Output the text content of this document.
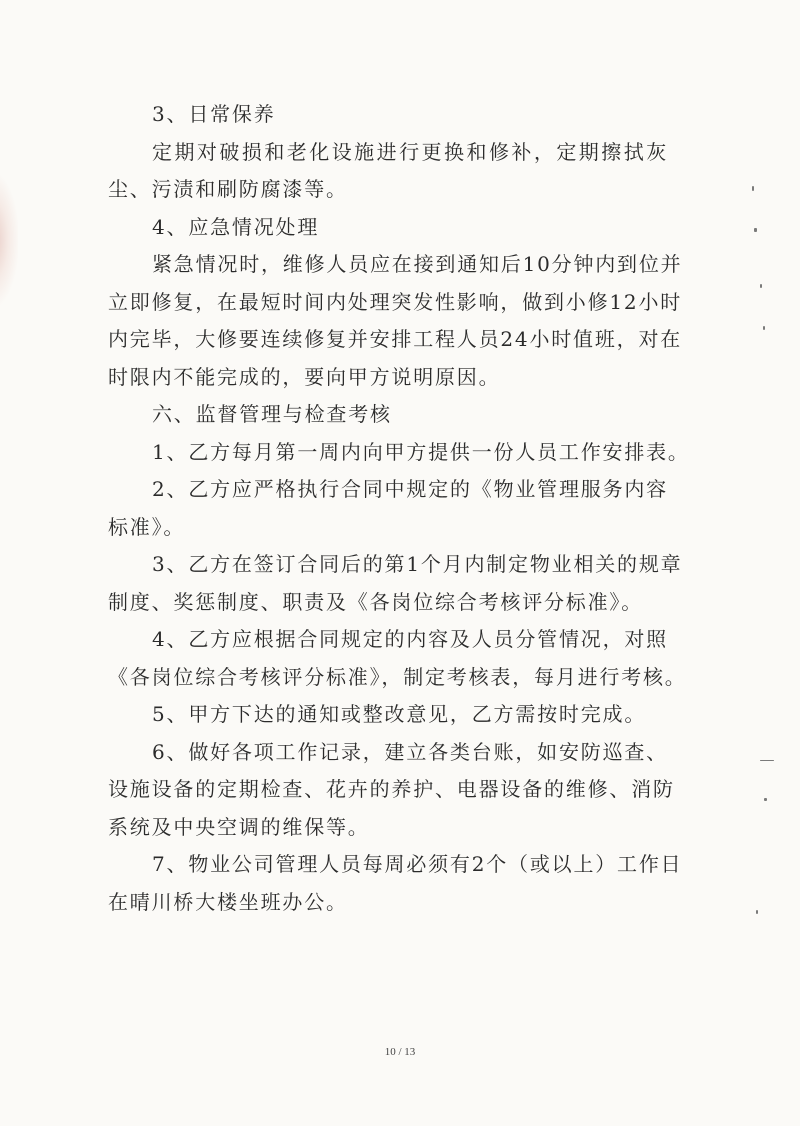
3、日常保养
定期对破损和老化设施进行更换和修补，定期擦拭灰
尘、污渍和刷防腐漆等。
4、应急情况处理
紧急情况时，维修人员应在接到通知后10分钟内到位并
立即修复，在最短时间内处理突发性影响，做到小修12小时
内完毕，大修要连续修复并安排工程人员24小时值班，对在
时限内不能完成的，要向甲方说明原因。
六、监督管理与检查考核
1、乙方每月第一周内向甲方提供一份人员工作安排表。
2、乙方应严格执行合同中规定的《物业管理服务内容
标准》。
3、乙方在签订合同后的第1个月内制定物业相关的规章
制度、奖惩制度、职责及《各岗位综合考核评分标准》。
4、乙方应根据合同规定的内容及人员分管情况，对照
《各岗位综合考核评分标准》，制定考核表，每月进行考核。
5、甲方下达的通知或整改意见，乙方需按时完成。
6、做好各项工作记录，建立各类台账，如安防巡查、
设施设备的定期检查、花卉的养护、电器设备的维修、消防
系统及中央空调的维保等。
7、物业公司管理人员每周必须有2个（或以上）工作日
在晴川桥大楼坐班办公。
10 / 13
